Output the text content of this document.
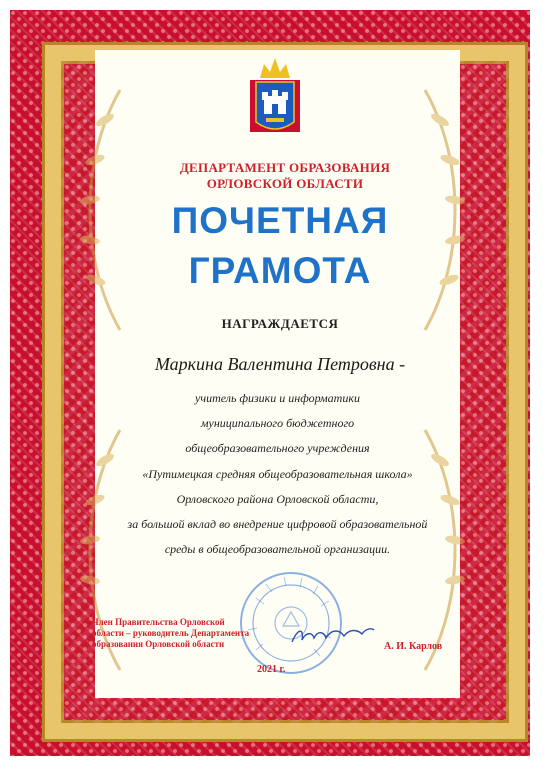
ДЕПАРТАМЕНТ ОБРАЗОВАНИЯ
ОРЛОВСКОЙ ОБЛАСТИ
ПОЧЕТНАЯ
ГРАМОТА
НАГРАЖДАЕТСЯ
Маркина Валентина Петровна -
учитель физики и информатики
муниципального бюджетного
общеобразовательного учреждения
«Путимецкая средняя общеобразовательная школа»
Орловского района Орловской области,
за большой вклад во внедрение цифровой образовательной
среды в общеобразовательной организации.
Член Правительства Орловской
области – руководитель Департамента
образования Орловской области	А. И. Карлов
2021 г.
